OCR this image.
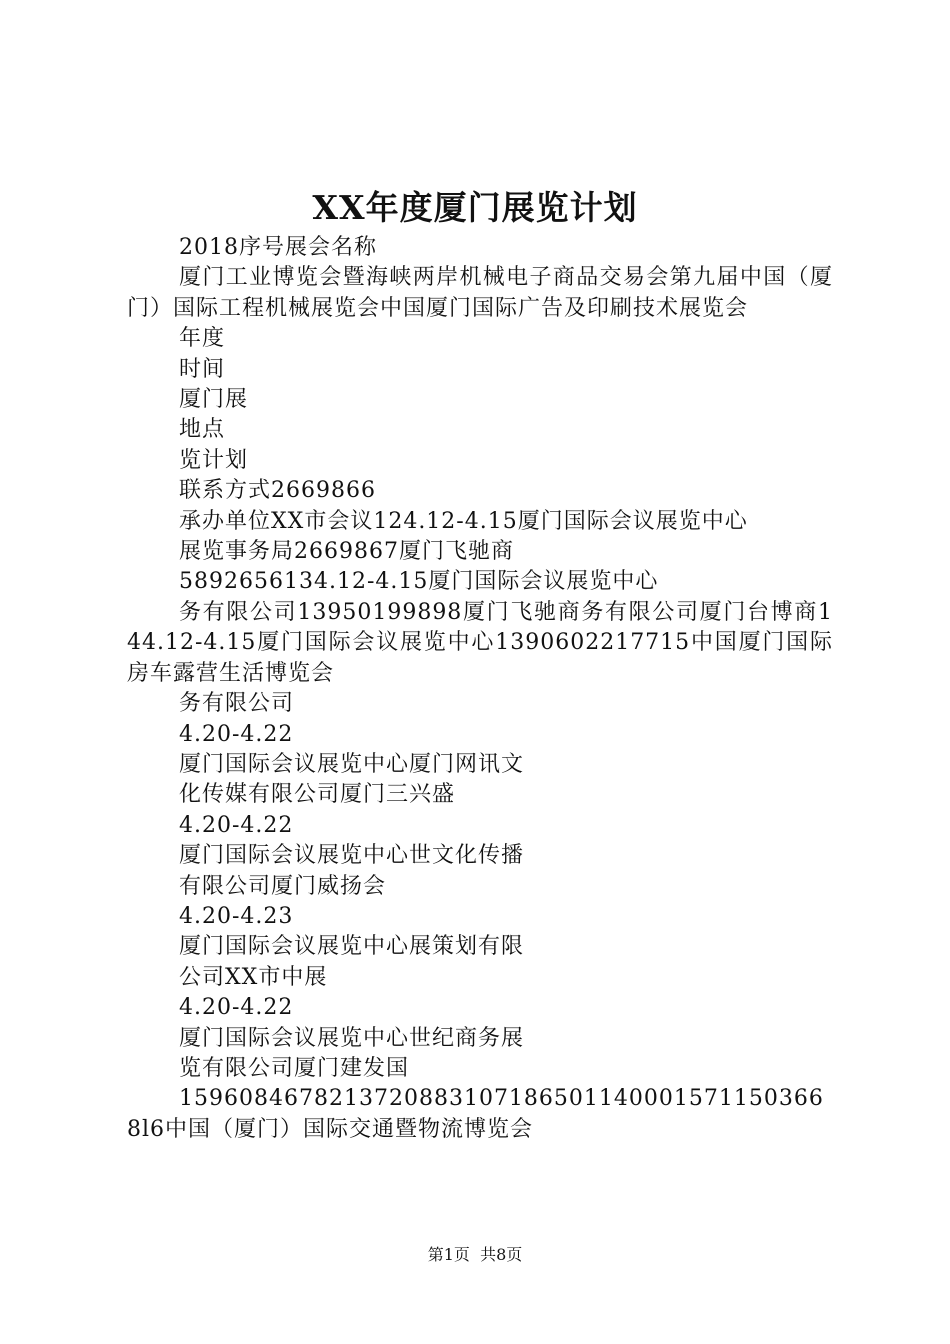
XX年度厦门展览计划

2018序号展会名称

厦门工业博览会暨海峡两岸机械电子商品交易会第九届中国（厦门）国际工程机械展览会中国厦门国际广告及印刷技术展览会

年度

时间

厦门展

地点

览计划

联系方式2669866

承办单位XX市会议124.12-4.15厦门国际会议展览中心

展览事务局2669867厦门飞驰商

5892656134.12-4.15厦门国际会议展览中心

务有限公司13950199898厦门飞驰商务有限公司厦门台博商144.12-4.15厦门国际会议展览中心1390602217715中国厦门国际房车露营生活博览会

务有限公司

4.20-4.22

厦门国际会议展览中心厦门网讯文

化传媒有限公司厦门三兴盛

4.20-4.22

厦门国际会议展览中心世文化传播

有限公司厦门威扬会

4.20-4.23

厦门国际会议展览中心展策划有限

公司XX市中展

4.20-4.22

厦门国际会议展览中心世纪商务展

览有限公司厦门建发国

15960846782137208831071865011400015711503668l6中国（厦门）国际交通暨物流博览会

第1页 共8页
